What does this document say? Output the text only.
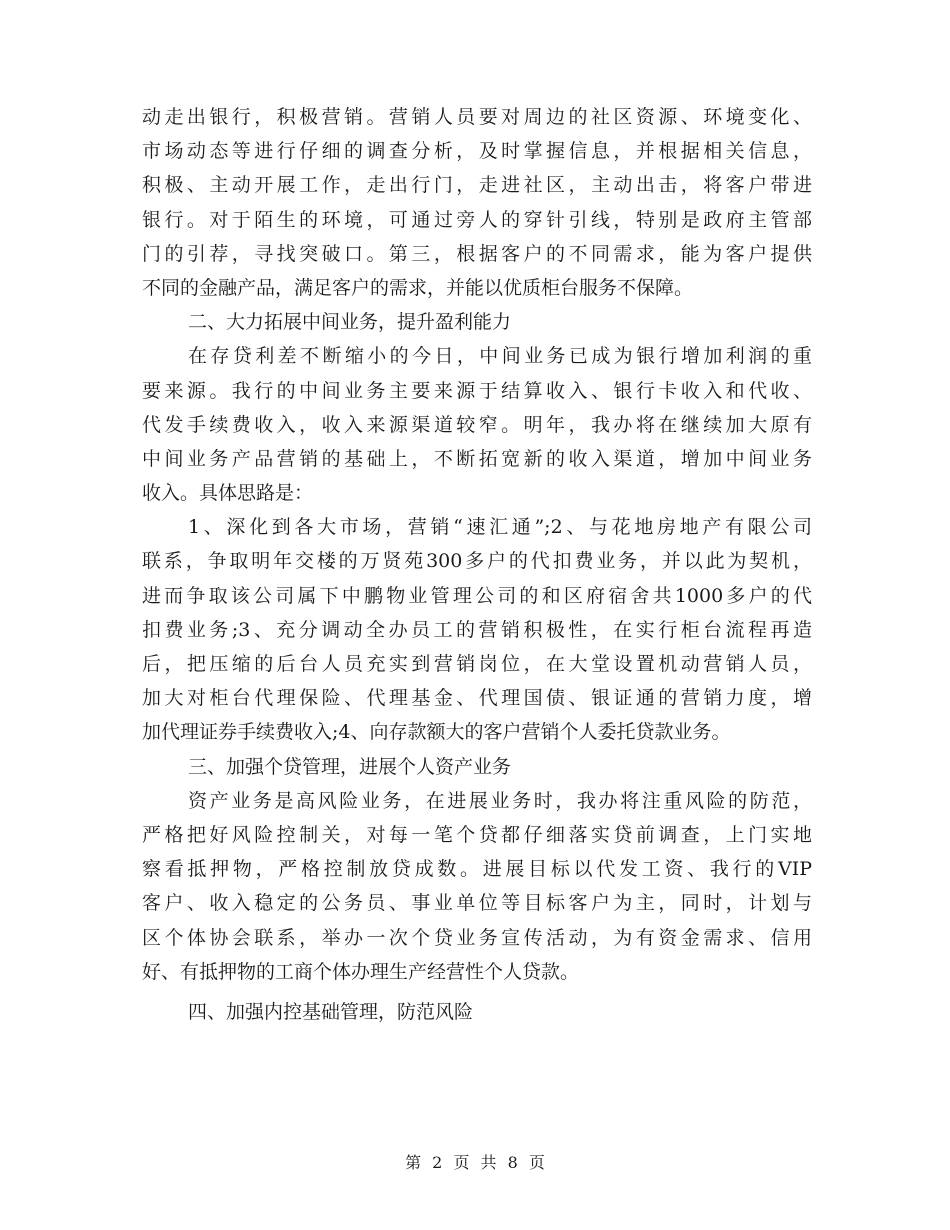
动走出银行，积极营销。营销人员要对周边的社区资源、环境变化、
市场动态等进行仔细的调查分析，及时掌握信息，并根据相关信息，
积极、主动开展工作，走出行门，走进社区，主动出击，将客户带进
银行。对于陌生的环境，可通过旁人的穿针引线，特别是政府主管部
门的引荐，寻找突破口。第三，根据客户的不同需求，能为客户提供
不同的金融产品，满足客户的需求，并能以优质柜台服务不保障。
二、大力拓展中间业务，提升盈利能力
在存贷利差不断缩小的今日，中间业务已成为银行增加利润的重
要来源。我行的中间业务主要来源于结算收入、银行卡收入和代收、
代发手续费收入，收入来源渠道较窄。明年，我办将在继续加大原有
中间业务产品营销的基础上，不断拓宽新的收入渠道，增加中间业务
收入。具体思路是：
1、深化到各大市场，营销“速汇通”;2、与花地房地产有限公司
联系，争取明年交楼的万贤苑300多户的代扣费业务，并以此为契机，
进而争取该公司属下中鹏物业管理公司的和区府宿舍共1000多户的代
扣费业务;3、充分调动全办员工的营销积极性，在实行柜台流程再造
后，把压缩的后台人员充实到营销岗位，在大堂设置机动营销人员，
加大对柜台代理保险、代理基金、代理国债、银证通的营销力度，增
加代理证券手续费收入;4、向存款额大的客户营销个人委托贷款业务。
三、加强个贷管理，进展个人资产业务
资产业务是高风险业务，在进展业务时，我办将注重风险的防范，
严格把好风险控制关，对每一笔个贷都仔细落实贷前调查，上门实地
察看抵押物，严格控制放贷成数。进展目标以代发工资、我行的VIP
客户、收入稳定的公务员、事业单位等目标客户为主，同时，计划与
区个体协会联系，举办一次个贷业务宣传活动，为有资金需求、信用
好、有抵押物的工商个体办理生产经营性个人贷款。
四、加强内控基础管理，防范风险
第 2 页 共 8 页
